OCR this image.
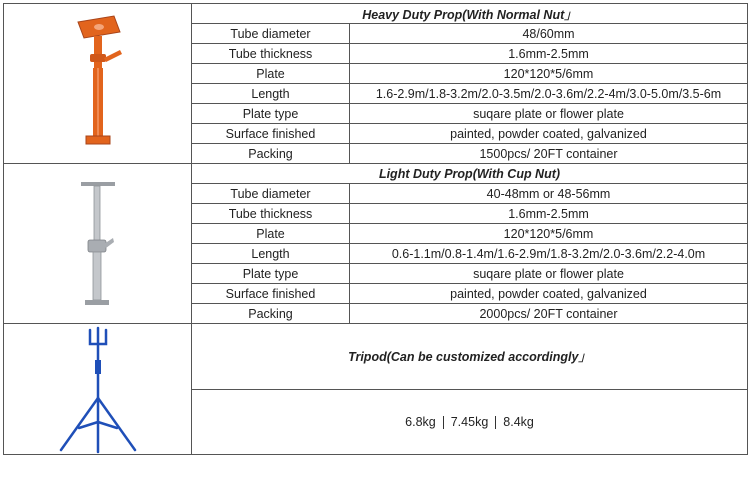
	Heavy Duty Prop(With Normal Nut」	
	Tube diameter	48/60mm
	Tube thickness	1.6mm-2.5mm
	Plate	120*120*5/6mm
	Length	1.6-2.9m/1.8-3.2m/2.0-3.5m/2.0-3.6m/2.2-4m/3.0-5.0m/3.5-6m
	Plate type	suqare plate or flower plate
	Surface finished	painted, powder coated, galvanized
	Packing	1500pcs/ 20FT container

	Light Duty Prop(With Cup Nut)	
	Tube diameter	40-48mm or 48-56mm
	Tube thickness	1.6mm-2.5mm
	Plate	120*120*5/6mm
	Length	0.6-1.1m/0.8-1.4m/1.6-2.9m/1.8-3.2m/2.0-3.6m/2.2-4.0m
	Plate type	suqare plate or flower plate
	Surface finished	painted, powder coated, galvanized
	Packing	2000pcs/ 20FT container

	Tripod(Can be customized accordingly」	
	6.8kg 7.45kg 8.4kg	
